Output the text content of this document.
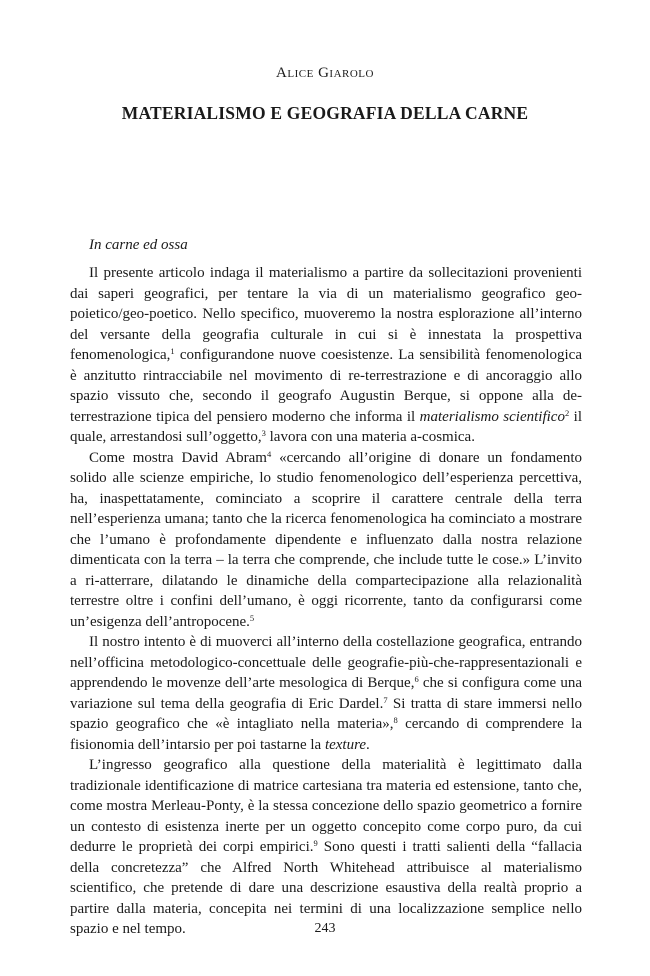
Alice Giarolo
MATERIALISMO E GEOGRAFIA DELLA CARNE
In carne ed ossa

Il presente articolo indaga il materialismo a partire da sollecitazioni provenienti dai saperi geografici, per tentare la via di un materialismo geografico geo-poietico/geo-poetico. Nello specifico, muoveremo la nostra esplorazione all’interno del versante della geografia culturale in cui si è innestata la prospettiva fenomenologica,$^1$ configurandone nuove coesistenze. La sensibilità fenomenologica è anzitutto rintracciabile nel movimento di re-terrestrazione e di ancoraggio allo spazio vissuto che, secondo il geografo Augustin Berque, si oppone alla de-terrestrazione tipica del pensiero moderno che informa il materialismo scientifico$^2$ il quale, arrestandosi sull’oggetto,$^3$ lavora con una materia a-cosmica.

Come mostra David Abram$^4$ «cercando all’origine di donare un fondamento solido alle scienze empiriche, lo studio fenomenologico dell’esperienza percettiva, ha, inaspettatamente, cominciato a scoprire il carattere centrale della terra nell’esperienza umana; tanto che la ricerca fenomenologica ha cominciato a mostrare che l’umano è profondamente dipendente e influenzato dalla nostra relazione dimenticata con la terra – la terra che comprende, che include tutte le cose.» L’invito a ri-atterrare, dilatando le dinamiche della compartecipazione alla relazionalità terrestre oltre i confini dell’umano, è oggi ricorrente, tanto da configurarsi come un’esigenza dell’antropocene.$^5$

Il nostro intento è di muoverci all’interno della costellazione geografica, entrando nell’officina metodologico-concettuale delle geografie-più-che-rappresentazionali e apprendendo le movenze dell’arte mesologica di Berque,$^6$ che si configura come una variazione sul tema della geografia di Eric Dardel.$^7$ Si tratta di stare immersi nello spazio geografico che «è intagliato nella materia»,$^8$ cercando di comprendere la fisionomia dell’intarsio per poi tastarne la texture.

L’ingresso geografico alla questione della materialità è legittimato dalla tradizionale identificazione di matrice cartesiana tra materia ed estensione, tanto che, come mostra Merleau-Ponty, è la stessa concezione dello spazio geometrico a fornire un contesto di esistenza inerte per un oggetto concepito come corpo puro, da cui dedurre le proprietà dei corpi empirici.$^9$ Sono questi i tratti salienti della “fallacia della concretezza” che Alfred North Whitehead attribuisce al materialismo scientifico, che pretende di dare una descrizione esaustiva della realtà proprio a partire dalla materia, concepita nei termini di una localizzazione semplice nello spazio e nel tempo.	243
